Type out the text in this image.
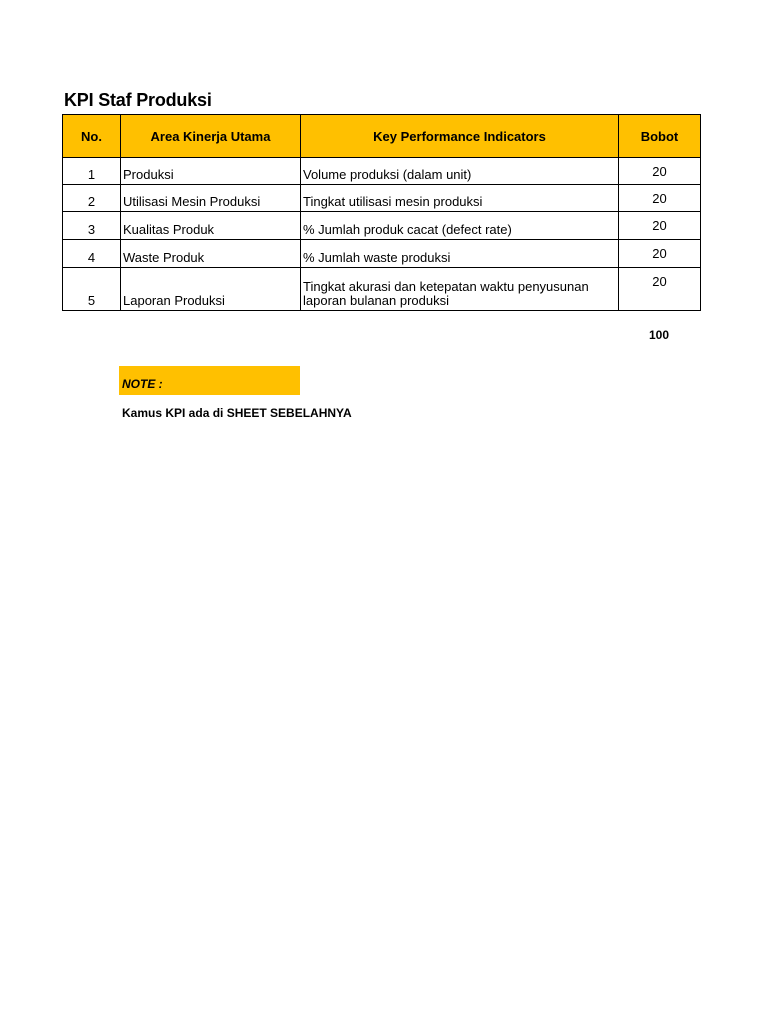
KPI Staf Produksi
No.	Area Kinerja Utama	Key Performance Indicators	Bobot
1	Produksi	Volume produksi (dalam unit)	20
2	Utilisasi Mesin Produksi	Tingkat utilisasi mesin produksi	20
3	Kualitas Produk	% Jumlah produk cacat (defect rate)	20
4	Waste Produk	% Jumlah waste produksi	20
5	Laporan Produksi	Tingkat akurasi dan ketepatan waktu penyusunan laporan bulanan produksi	20
100
NOTE :
Kamus KPI ada di SHEET SEBELAHNYA
